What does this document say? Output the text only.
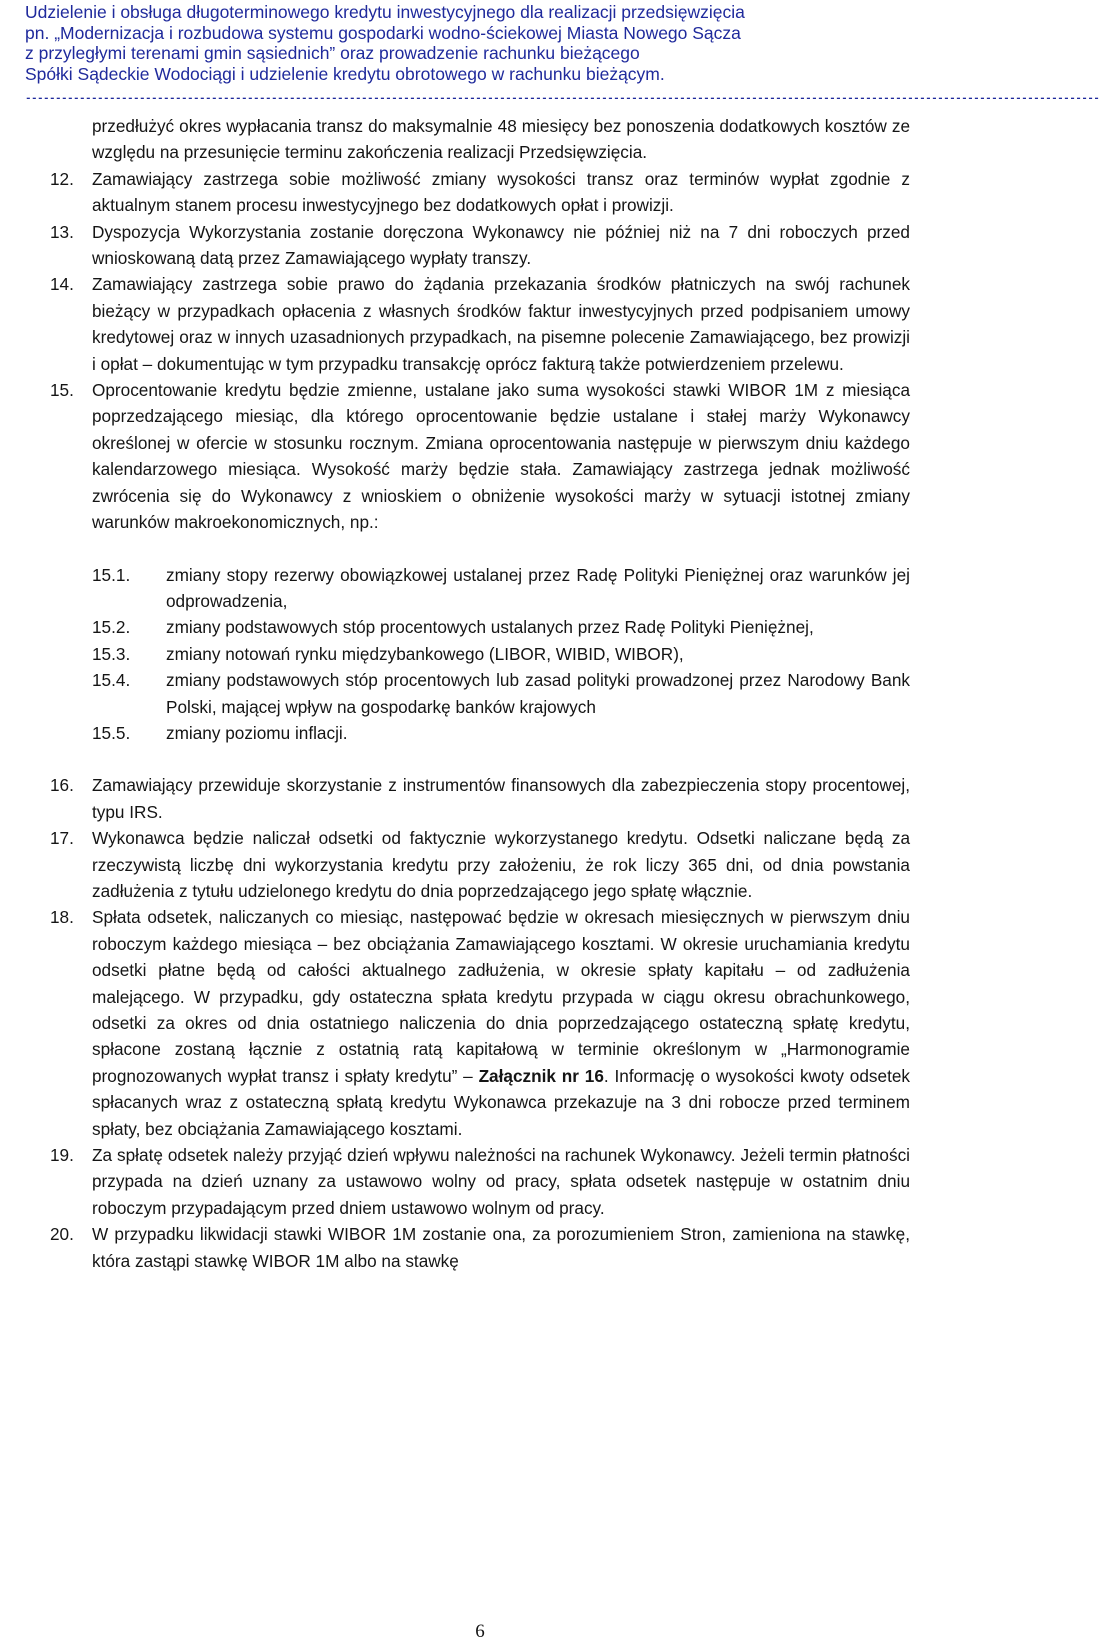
Udzielenie i obsługa długoterminowego kredytu inwestycyjnego dla realizacji przedsięwzięcia
pn. „Modernizacja i rozbudowa systemu gospodarki wodno-ściekowej Miasta Nowego Sącza
z przyległymi terenami gmin sąsiednich” oraz prowadzenie rachunku bieżącego
Spółki Sądeckie Wodociągi i udzielenie kredytu obrotowego w rachunku bieżącym.
-----------------------------------------------------------------------------------------------------------------------------------------------------------------------------------
przedłużyć okres wypłacania transz do maksymalnie 48 miesięcy bez ponoszenia dodatkowych kosztów ze względu na przesunięcie terminu zakończenia realizacji Przedsięwzięcia.
12.	Zamawiający zastrzega sobie możliwość zmiany wysokości transz oraz terminów wypłat zgodnie z aktualnym stanem procesu inwestycyjnego bez dodatkowych opłat i prowizji.
13.	Dyspozycja Wykorzystania zostanie doręczona Wykonawcy nie później niż na 7 dni roboczych przed wnioskowaną datą przez Zamawiającego wypłaty transzy.
14.	Zamawiający zastrzega sobie prawo do żądania przekazania środków płatniczych na swój rachunek bieżący w przypadkach opłacenia z własnych środków faktur inwestycyjnych przed podpisaniem umowy kredytowej oraz w innych uzasadnionych przypadkach, na pisemne polecenie Zamawiającego, bez prowizji i opłat – dokumentując w tym przypadku transakcję oprócz fakturą także potwierdzeniem przelewu.
15.	Oprocentowanie kredytu będzie zmienne, ustalane jako suma wysokości stawki WIBOR 1M z miesiąca poprzedzającego miesiąc, dla którego oprocentowanie będzie ustalane i stałej marży Wykonawcy określonej w ofercie w stosunku rocznym. Zmiana oprocentowania następuje w pierwszym dniu każdego kalendarzowego miesiąca. Wysokość marży będzie stała. Zamawiający zastrzega jednak możliwość zwrócenia się do Wykonawcy z wnioskiem o obniżenie wysokości marży w sytuacji istotnej zmiany warunków makroekonomicznych, np.:
15.1.	zmiany stopy rezerwy obowiązkowej ustalanej przez Radę Polityki Pieniężnej oraz warunków jej odprowadzenia,
15.2.	zmiany podstawowych stóp procentowych ustalanych przez Radę Polityki Pieniężnej,
15.3.	zmiany notowań rynku międzybankowego (LIBOR, WIBID, WIBOR),
15.4.	zmiany podstawowych stóp procentowych lub zasad polityki prowadzonej przez Narodowy Bank Polski, mającej wpływ na gospodarkę banków krajowych
15.5.	zmiany poziomu inflacji.
16.	Zamawiający przewiduje skorzystanie z instrumentów finansowych dla zabezpieczenia stopy procentowej, typu IRS.
17.	Wykonawca będzie naliczał odsetki od faktycznie wykorzystanego kredytu. Odsetki naliczane będą za rzeczywistą liczbę dni wykorzystania kredytu przy założeniu, że rok liczy 365 dni, od dnia powstania zadłużenia z tytułu udzielonego kredytu do dnia poprzedzającego jego spłatę włącznie.
18.	Spłata odsetek, naliczanych co miesiąc, następować będzie w okresach miesięcznych w pierwszym dniu roboczym każdego miesiąca – bez obciążania Zamawiającego kosztami. W okresie uruchamiania kredytu odsetki płatne będą od całości aktualnego zadłużenia, w okresie spłaty kapitału – od zadłużenia malejącego. W przypadku, gdy ostateczna spłata kredytu przypada w ciągu okresu obrachunkowego, odsetki za okres od dnia ostatniego naliczenia do dnia poprzedzającego ostateczną spłatę kredytu, spłacone zostaną łącznie z ostatnią ratą kapitałową w terminie określonym w „Harmonogramie prognozowanych wypłat transz i spłaty kredytu” – Załącznik nr 16. Informację o wysokości kwoty odsetek spłacanych wraz z ostateczną spłatą kredytu Wykonawca przekazuje na 3 dni robocze przed terminem spłaty, bez obciążania Zamawiającego kosztami.
19.	Za spłatę odsetek należy przyjąć dzień wpływu należności na rachunek Wykonawcy. Jeżeli termin płatności przypada na dzień uznany za ustawowo wolny od pracy, spłata odsetek następuje w ostatnim dniu roboczym przypadającym przed dniem ustawowo wolnym od pracy.
20.	W przypadku likwidacji stawki WIBOR 1M zostanie ona, za porozumieniem Stron, zamieniona na stawkę, która zastąpi stawkę WIBOR 1M albo na stawkę
6
